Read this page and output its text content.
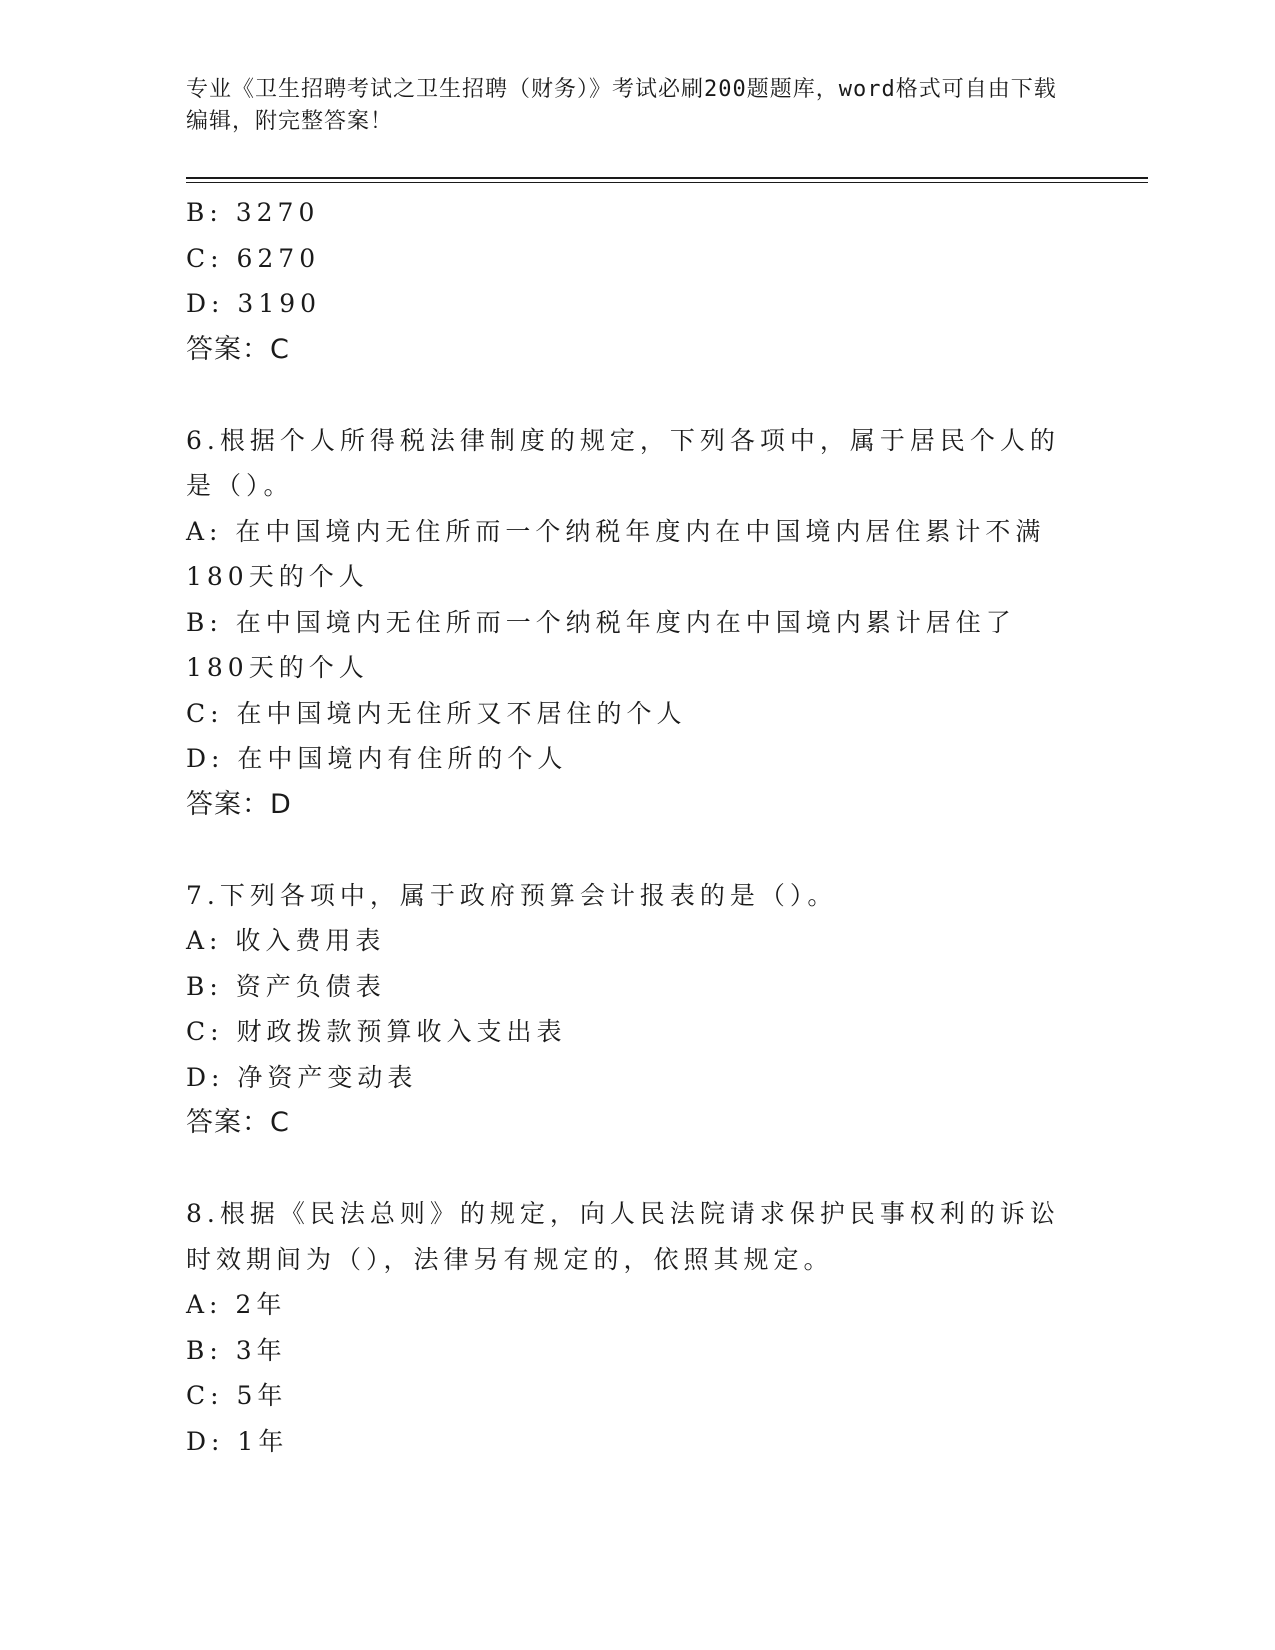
专业《卫生招聘考试之卫生招聘（财务）》考试必刷200题题库，word格式可自由下载编辑，附完整答案！

B: 3270

C: 6270

D: 3190

答案：C

6.根据个人所得税法律制度的规定，下列各项中，属于居民个人的是（）。

A: 在中国境内无住所而一个纳税年度内在中国境内居住累计不满180天的个人

B: 在中国境内无住所而一个纳税年度内在中国境内累计居住了180天的个人

C: 在中国境内无住所又不居住的个人

D: 在中国境内有住所的个人

答案：D

7.下列各项中，属于政府预算会计报表的是（）。

A: 收入费用表

B: 资产负债表

C: 财政拨款预算收入支出表

D: 净资产变动表

答案：C

8.根据《民法总则》的规定，向人民法院请求保护民事权利的诉讼时效期间为（），法律另有规定的，依照其规定。

A: 2年

B: 3年

C: 5年

D: 1年
